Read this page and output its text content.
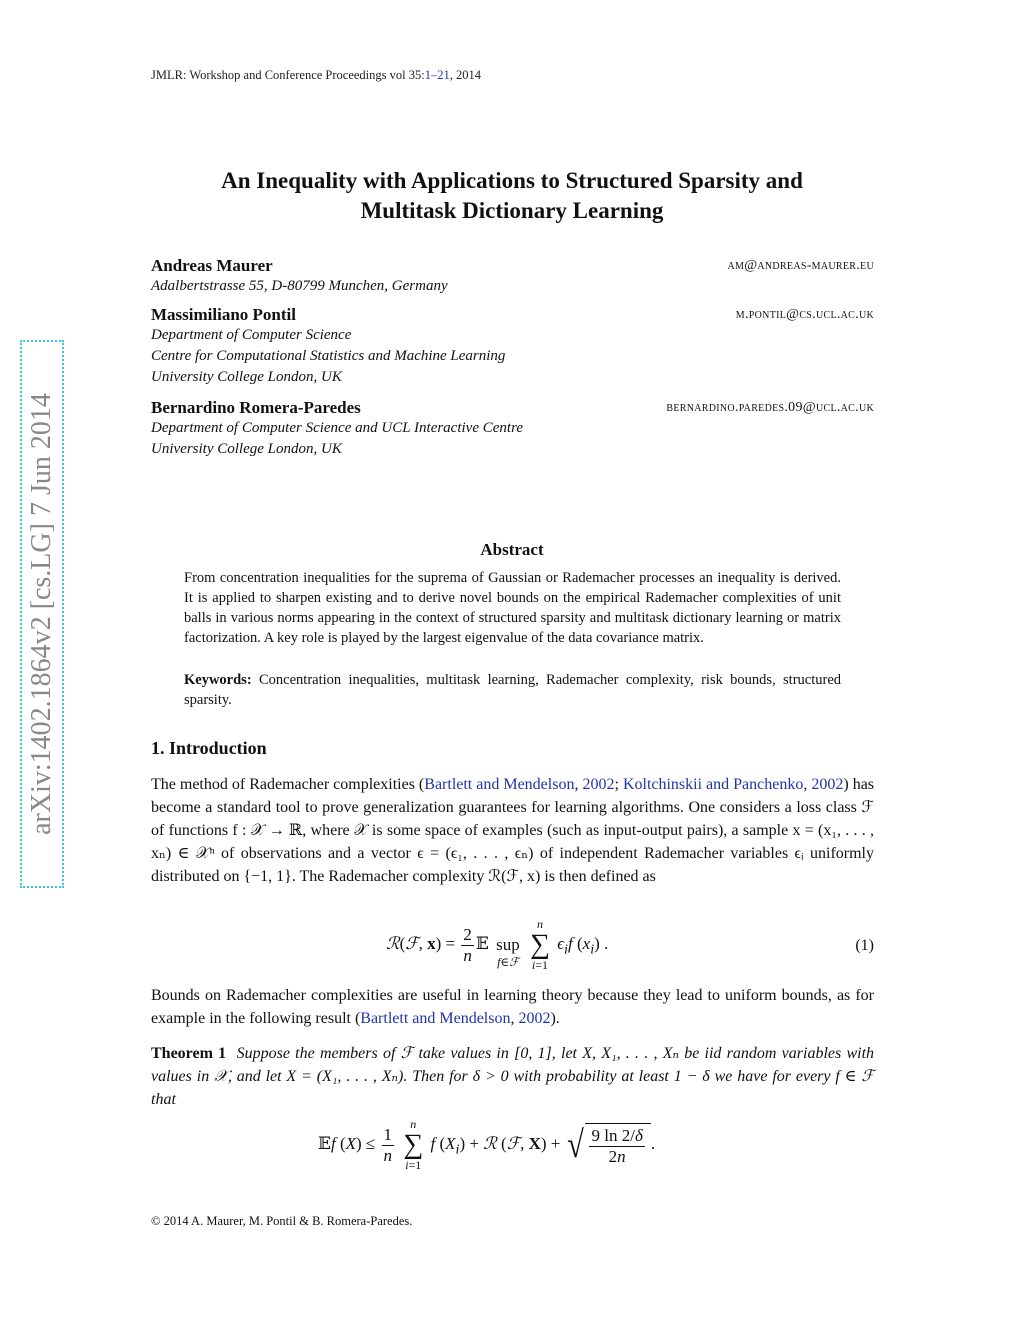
JMLR: Workshop and Conference Proceedings vol 35:1–21, 2014
An Inequality with Applications to Structured Sparsity and
Multitask Dictionary Learning
arXiv:1402.1864v2 [cs.LG] 7 Jun 2014
Andreas Maurer	am@andreas-maurer.eu
Adalbertstrasse 55, D-80799 Munchen, Germany
Massimiliano Pontil	m.pontil@cs.ucl.ac.uk
Department of Computer Science
Centre for Computational Statistics and Machine Learning
University College London, UK
Bernardino Romera-Paredes	bernardino.paredes.09@ucl.ac.uk
Department of Computer Science and UCL Interactive Centre
University College London, UK
Abstract
From concentration inequalities for the suprema of Gaussian or Rademacher processes an inequality is derived. It is applied to sharpen existing and to derive novel bounds on the empirical Rademacher complexities of unit balls in various norms appearing in the context of structured sparsity and multitask dictionary learning or matrix factorization. A key role is played by the largest eigenvalue of the data covariance matrix.
Keywords: Concentration inequalities, multitask learning, Rademacher complexity, risk bounds, structured sparsity.
1. Introduction
The method of Rademacher complexities (Bartlett and Mendelson, 2002; Koltchinskii and Panchenko, 2002) has become a standard tool to prove generalization guarantees for learning algorithms. One considers a loss class ℱ of functions f : 𝒳 → ℝ, where 𝒳 is some space of examples (such as input-output pairs), a sample x = (x₁, . . . , xₙ) ∈ 𝒳ⁿ of observations and a vector ϵ = (ϵ₁, . . . , ϵₙ) of independent Rademacher variables ϵᵢ uniformly distributed on {−1, 1}. The Rademacher complexity ℛ(ℱ, x) is then defined as
ℛ(ℱ, $x) = \frac{2}{n}$ 𝔼
sup
f∈ℱ

n
∑
i=1
$\epsilon_if$ $(x_i)$ .	(1)
Bounds on Rademacher complexities are useful in learning theory because they lead to uniform bounds, as for example in the following result (Bartlett and Mendelson, 2002).
Theorem 1 Suppose the members of ℱ take values in [0, 1], let X, X₁, . . . , Xₙ be iid random variables with values in 𝒳, and let X = (X₁, . . . , Xₙ). Then for δ > 0 with probability at least 1 − δ we have for every f ∈ ℱ that
𝔼f $(X) \le \frac{1}{n}$

n
∑
i=1
f $(X_i)$ + ℛ (ℱ, X) + √ $\frac{9 \ln 2/\delta}{2n}$ .
© 2014 A. Maurer, M. Pontil & B. Romera-Paredes.
